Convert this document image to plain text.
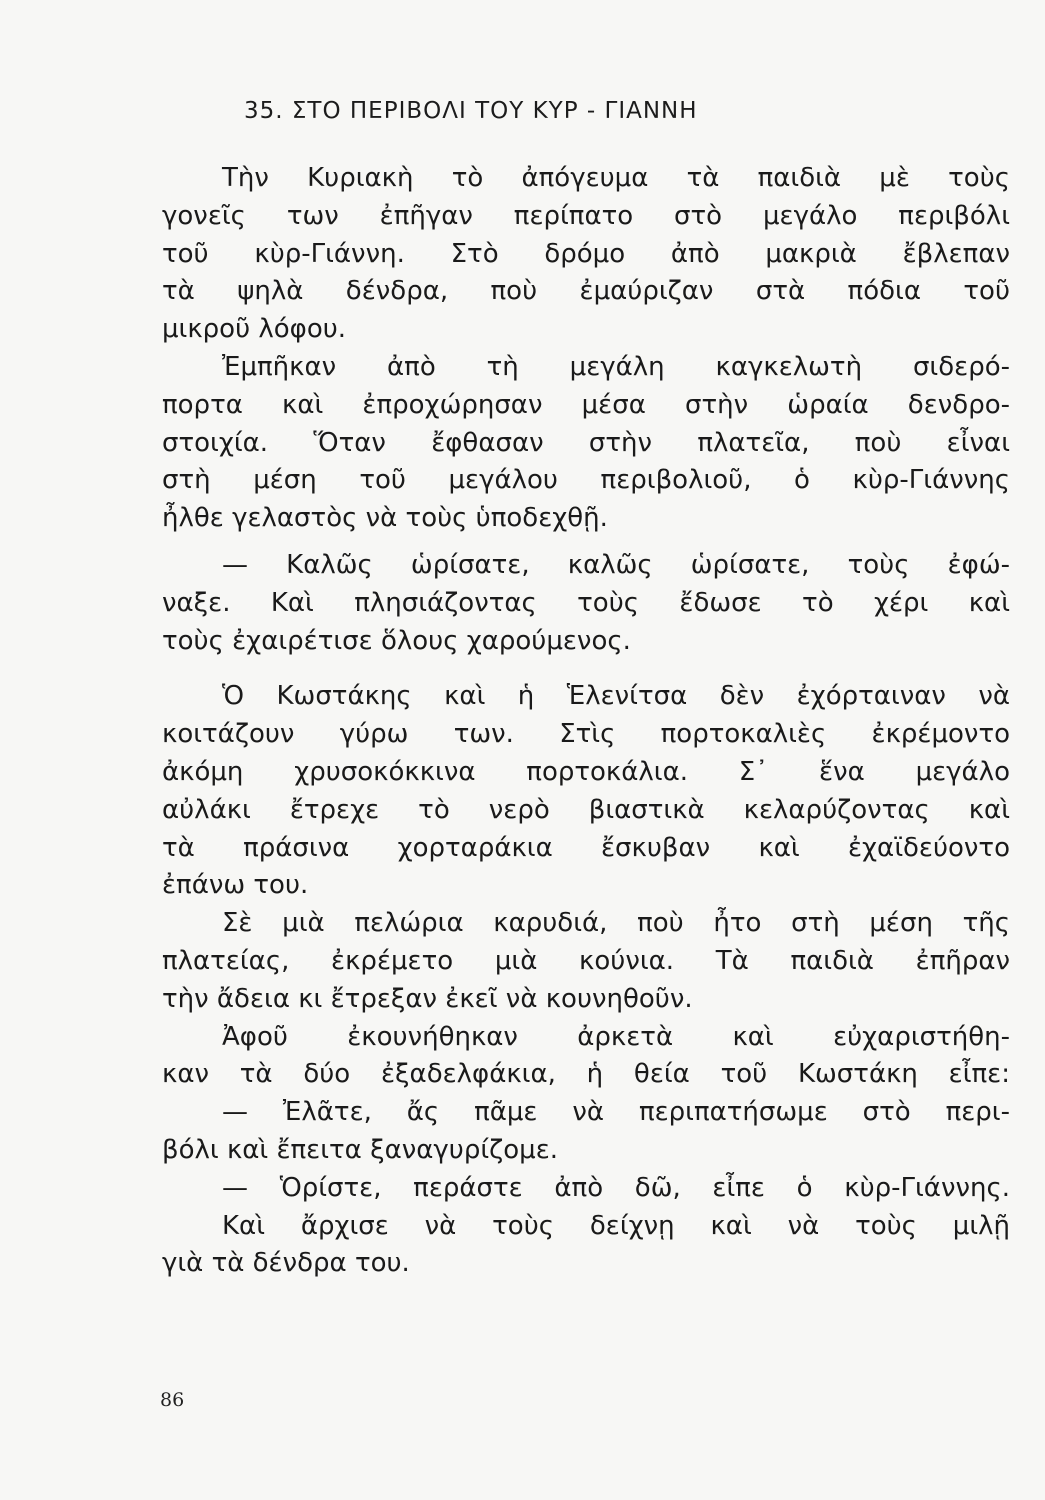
35. ΣΤΟ ΠΕΡΙΒΟΛΙ ΤΟΥ ΚΥΡ - ΓΙΑΝΝΗ
Τὴν Κυριακὴ τὸ ἀπόγευμα τὰ παιδιὰ μὲ τοὺς
γονεῖς των ἐπῆγαν περίπατο στὸ μεγάλο περιβόλι
τοῦ κὺρ-Γιάννη. Στὸ δρόμο ἀπὸ μακριὰ ἔβλεπαν
τὰ ψηλὰ δένδρα, ποὺ ἐμαύριζαν στὰ πόδια τοῦ
μικροῦ λόφου.
Ἐμπῆκαν ἀπὸ τὴ μεγάλη καγκελωτὴ σιδερό-
πορτα καὶ ἐπροχώρησαν μέσα στὴν ὡραία δενδρο-
στοιχία. Ὅταν ἔφθασαν στὴν πλατεῖα, ποὺ εἶναι
στὴ μέση τοῦ μεγάλου περιβολιοῦ, ὁ κὺρ-Γιάννης
ἦλθε γελαστὸς νὰ τοὺς ὑποδεχθῇ.
— Καλῶς ὡρίσατε, καλῶς ὡρίσατε, τοὺς ἐφώ-
ναξε. Καὶ πλησιάζοντας τοὺς ἔδωσε τὸ χέρι καὶ
τοὺς ἐχαιρέτισε ὅλους χαρούμενος.
Ὁ Κωστάκης καὶ ἡ Ἑλενίτσα δὲν ἐχόρταιναν νὰ
κοιτάζουν γύρω των. Στὶς πορτοκαλιὲς ἐκρέμοντο
ἀκόμη χρυσοκόκκινα πορτοκάλια. Σ᾿ ἕνα μεγάλο
αὐλάκι ἔτρεχε τὸ νερὸ βιαστικὰ κελαρύζοντας καὶ
τὰ πράσινα χορταράκια ἔσκυβαν καὶ ἐχαϊδεύοντο
ἐπάνω του.
Σὲ μιὰ πελώρια καρυδιά, ποὺ ἦτο στὴ μέση τῆς
πλατείας, ἐκρέμετο μιὰ κούνια. Τὰ παιδιὰ ἐπῆραν
τὴν ἄδεια κι ἔτρεξαν ἐκεῖ νὰ κουνηθοῦν.
Ἀφοῦ ἐκουνήθηκαν ἀρκετὰ καὶ εὐχαριστήθη-
καν τὰ δύο ἐξαδελφάκια, ἡ θεία τοῦ Κωστάκη εἶπε:
— Ἐλᾶτε, ἄς πᾶμε νὰ περιπατήσωμε στὸ περι-
βόλι καὶ ἔπειτα ξαναγυρίζομε.
— Ὁρίστε, περάστε ἀπὸ δῶ, εἶπε ὁ κὺρ-Γιάννης.
Καὶ ἄρχισε νὰ τοὺς δείχνῃ καὶ νὰ τοὺς μιλῇ
γιὰ τὰ δένδρα του.
86
